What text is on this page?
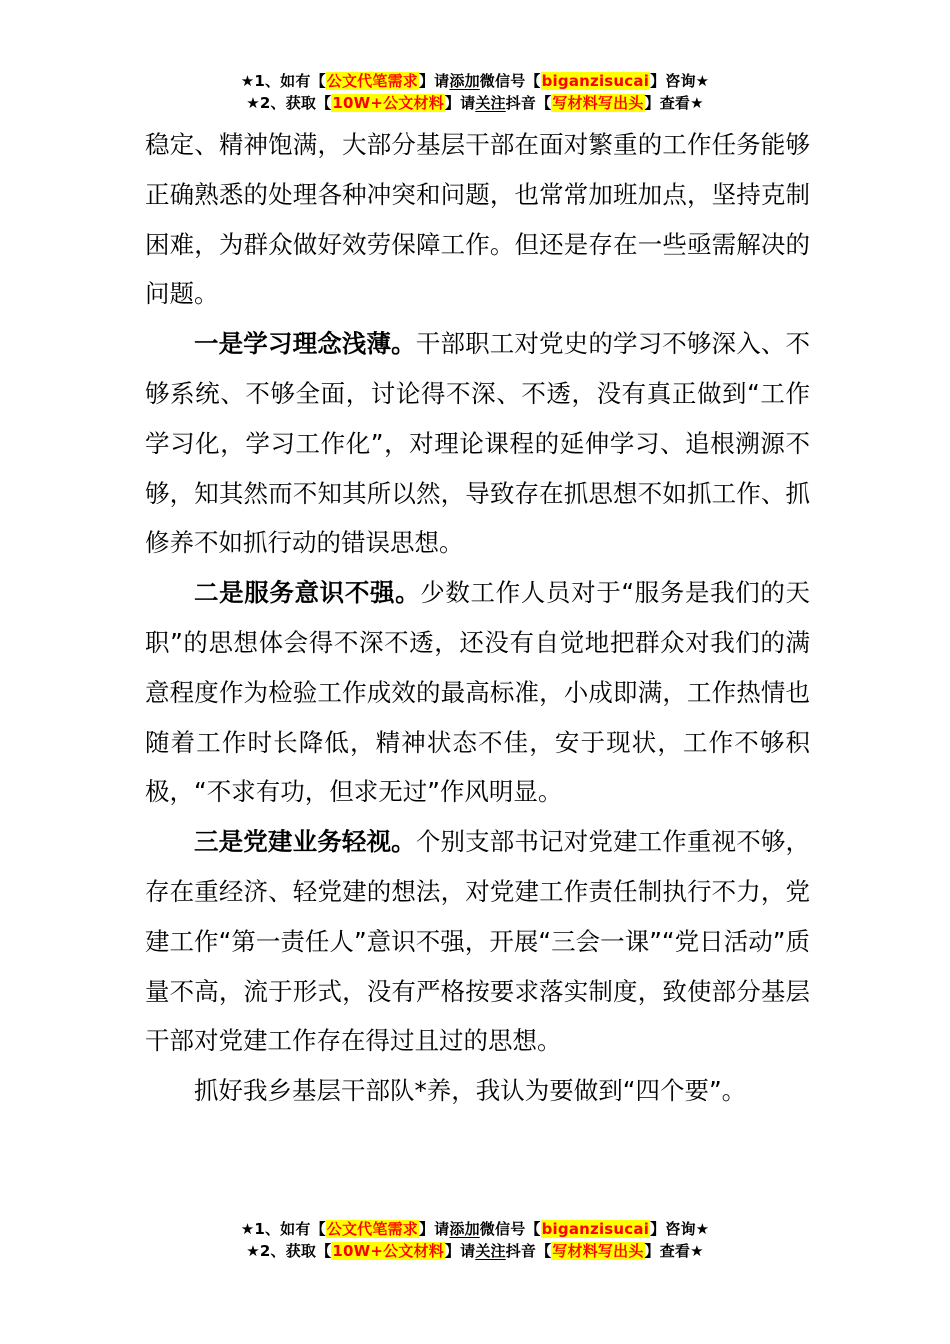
★1、如有【公文代笔需求】请添加微信号【biganzisucai】咨询★
★2、获取【10W+公文材料】请关注抖音【写材料写出头】查看★

稳定、精神饱满，大部分基层干部在面对繁重的工作任务能够正确熟悉的处理各种冲突和问题，也常常加班加点，坚持克制困难，为群众做好效劳保障工作。但还是存在一些亟需解决的问题。

一是学习理念浅薄。干部职工对党史的学习不够深入、不够系统、不够全面，讨论得不深、不透，没有真正做到“工作学习化，学习工作化”，对理论课程的延伸学习、追根溯源不够，知其然而不知其所以然，导致存在抓思想不如抓工作、抓修养不如抓行动的错误思想。

二是服务意识不强。少数工作人员对于“服务是我们的天职”的思想体会得不深不透，还没有自觉地把群众对我们的满意程度作为检验工作成效的最高标准，小成即满，工作热情也随着工作时长降低，精神状态不佳，安于现状，工作不够积极，“不求有功，但求无过”作风明显。

三是党建业务轻视。个别支部书记对党建工作重视不够，存在重经济、轻党建的想法，对党建工作责任制执行不力，党建工作“第一责任人”意识不强，开展“三会一课”“党日活动”质量不高，流于形式，没有严格按要求落实制度，致使部分基层干部对党建工作存在得过且过的思想。

抓好我乡基层干部队*养，我认为要做到“四个要”。

★1、如有【公文代笔需求】请添加微信号【biganzisucai】咨询★
★2、获取【10W+公文材料】请关注抖音【写材料写出头】查看★
